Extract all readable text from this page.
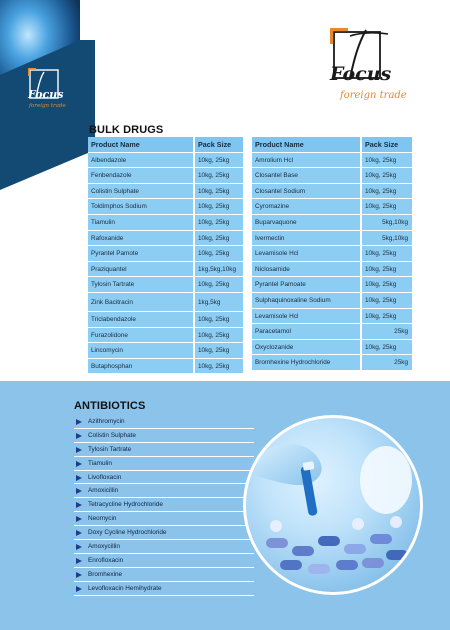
Focus
foreign trade
Focus
foreign trade
BULK DRUGS
Product Name	Pack Size
Albendazole	10kg, 25kg
Fenbendazole	10kg, 25kg
Colistin Sulphate	10kg, 25kg
Toldimphos Sodium	10kg, 25kg
Tiamulin	10kg, 25kg
Rafoxanide	10kg, 25kg
Pyrantel Pamote	10kg, 25kg
Praziquantel	1kg,5kg,10kg
Tylosin Tartrate	10kg, 25kg
Zink Bacitracin	1kg,5kg
Triclabendazole	10kg, 25kg
Furazolidone	10kg, 25kg
Lincomycin	10kg, 25kg
Butaphosphan	10kg, 25kg
Product Name	Pack Size
Amrolium Hcl	10kg, 25kg
Closantel Base	10kg, 25kg
Closantel Sodium	10kg, 25kg
Cyromazine	10kg, 25kg
Buparvaquone	5kg,10kg
Ivermectin	5kg,10kg
Levamisole Hcl	10kg, 25kg
Niclosamide	10kg, 25kg
Pyrantel Pamoate	10kg, 25kg
Sulphaquinoxaline Sodium	10kg, 25kg
Levamisole Hcl	10kg, 25kg
Paracetamol	25kg
Oxyclozanide	10kg, 25kg
Bromhexine Hydrochloride	25kg
ANTIBIOTICS
Azithromycin
Colistin Sulphate
Tylosin Tartrate
Tiamulin
Livofloxacin
Amoxicillin
Tetracycline Hydrochloride
Neomycin
Doxy Cycline Hydrochloride
Amoxycillin
Enrofloxacin
Bromhexine
Levofloxacin Hemihydrate
